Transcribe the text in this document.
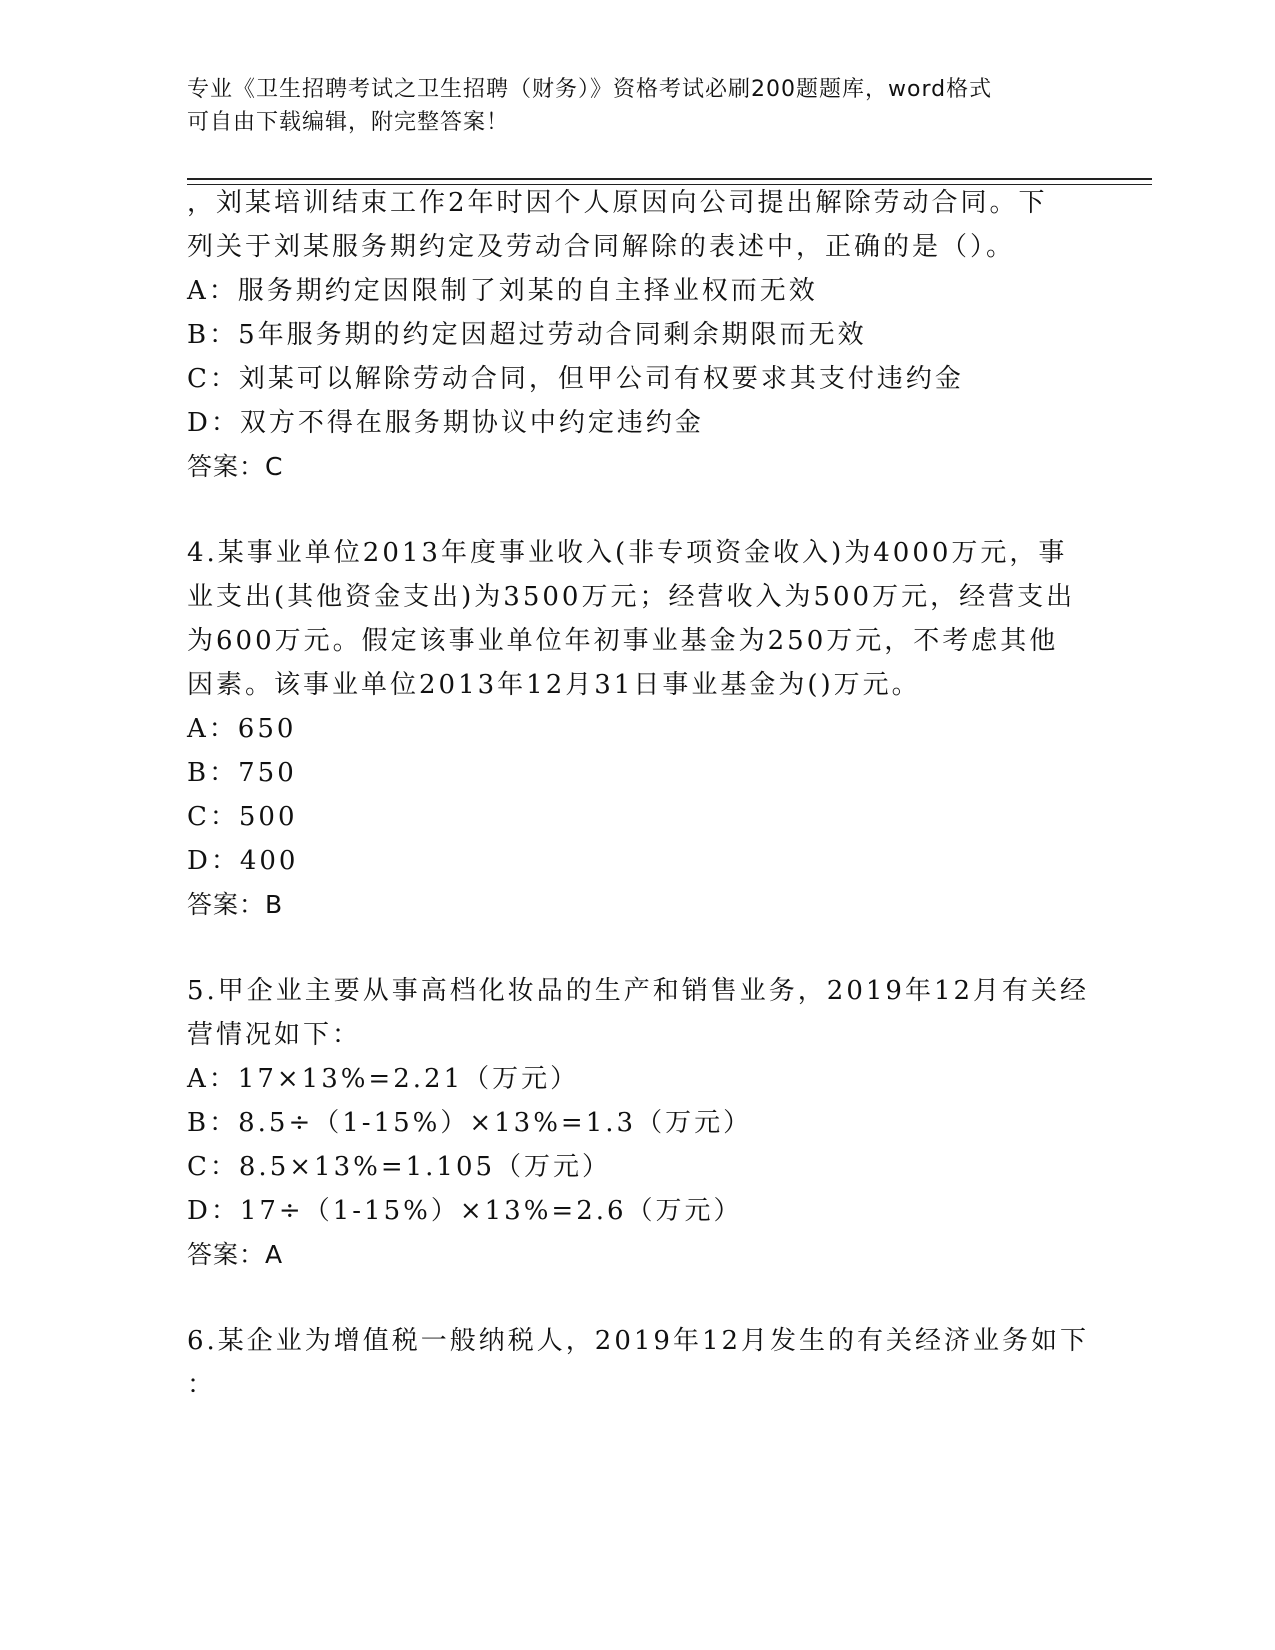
专业《卫生招聘考试之卫生招聘（财务）》资格考试必刷200题题库，word格式
可自由下载编辑，附完整答案！
，刘某培训结束工作2年时因个人原因向公司提出解除劳动合同。下
列关于刘某服务期约定及劳动合同解除的表述中，正确的是（）。
A：服务期约定因限制了刘某的自主择业权而无效
B：5年服务期的约定因超过劳动合同剩余期限而无效
C：刘某可以解除劳动合同，但甲公司有权要求其支付违约金
D：双方不得在服务期协议中约定违约金
答案：C
4.某事业单位2013年度事业收入(非专项资金收入)为4000万元，事
业支出(其他资金支出)为3500万元；经营收入为500万元，经营支出
为600万元。假定该事业单位年初事业基金为250万元，不考虑其他
因素。该事业单位2013年12月31日事业基金为()万元。
A：650
B：750
C：500
D：400
答案：B
5.甲企业主要从事高档化妆品的生产和销售业务，2019年12月有关经
营情况如下：
A：17×13%=2.21（万元）
B：8.5÷（1-15%）×13%=1.3（万元）
C：8.5×13%=1.105（万元）
D：17÷（1-15%）×13%=2.6（万元）
答案：A
6.某企业为增值税一般纳税人，2019年12月发生的有关经济业务如下
：
